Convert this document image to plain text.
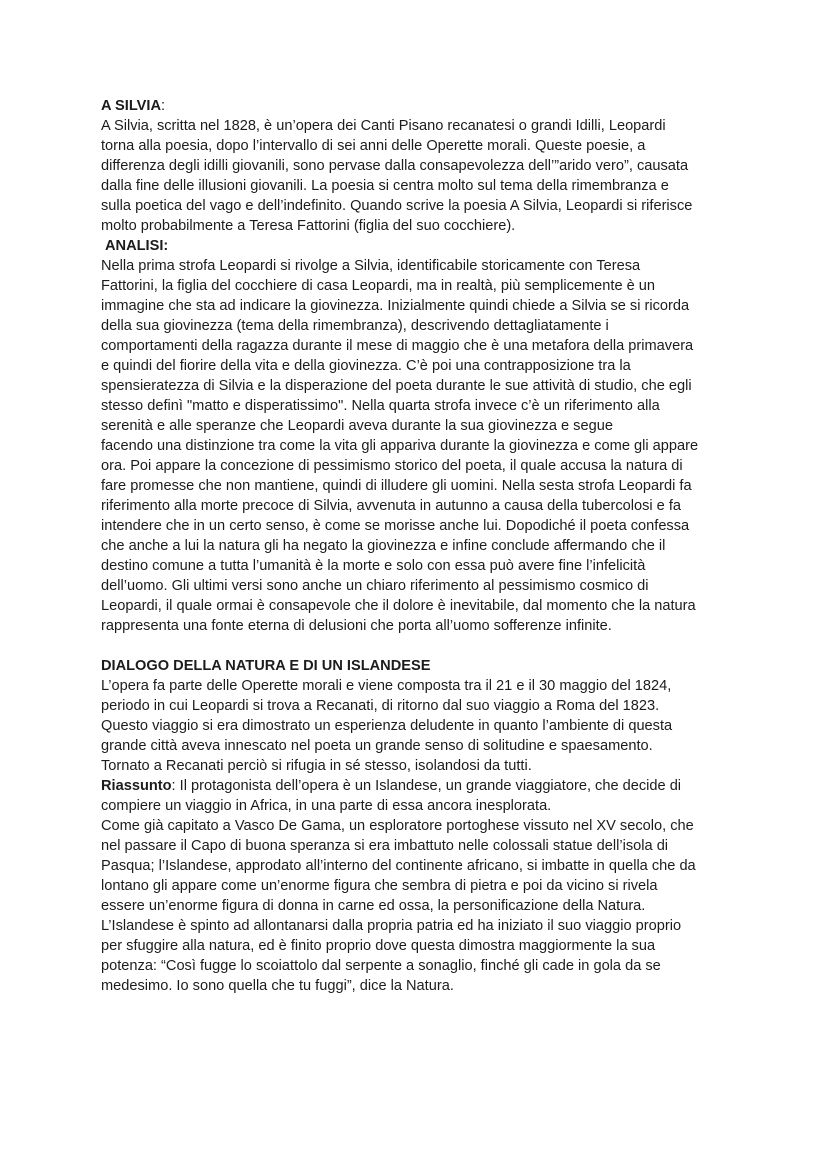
A SILVIA:
A Silvia, scritta nel 1828, è un’opera dei Canti Pisano recanatesi o grandi Idilli, Leopardi
torna alla poesia, dopo l’intervallo di sei anni delle Operette morali. Queste poesie, a
differenza degli idilli giovanili, sono pervase dalla consapevolezza dell’”arido vero”, causata
dalla fine delle illusioni giovanili. La poesia si centra molto sul tema della rimembranza e
sulla poetica del vago e dell’indefinito. Quando scrive la poesia A Silvia, Leopardi si riferisce
molto probabilmente a Teresa Fattorini (figlia del suo cocchiere).
ANALISI:
Nella prima strofa Leopardi si rivolge a Silvia, identificabile storicamente con Teresa
Fattorini, la figlia del cocchiere di casa Leopardi, ma in realtà, più semplicemente è un
immagine che sta ad indicare la giovinezza. Inizialmente quindi chiede a Silvia se si ricorda
della sua giovinezza (tema della rimembranza), descrivendo dettagliatamente i
comportamenti della ragazza durante il mese di maggio che è una metafora della primavera
e quindi del fiorire della vita e della giovinezza. C’è poi una contrapposizione tra la
spensieratezza di Silvia e la disperazione del poeta durante le sue attività di studio, che egli
stesso definì "matto e disperatissimo". Nella quarta strofa invece c’è un riferimento alla
serenità e alle speranze che Leopardi aveva durante la sua giovinezza e segue
facendo una distinzione tra come la vita gli appariva durante la giovinezza e come gli appare
ora. Poi appare la concezione di pessimismo storico del poeta, il quale accusa la natura di
fare promesse che non mantiene, quindi di illudere gli uomini. Nella sesta strofa Leopardi fa
riferimento alla morte precoce di Silvia, avvenuta in autunno a causa della tubercolosi e fa
intendere che in un certo senso, è come se morisse anche lui. Dopodiché il poeta confessa
che anche a lui la natura gli ha negato la giovinezza e infine conclude affermando che il
destino comune a tutta l’umanità è la morte e solo con essa può avere fine l’infelicità
dell’uomo. Gli ultimi versi sono anche un chiaro riferimento al pessimismo cosmico di
Leopardi, il quale ormai è consapevole che il dolore è inevitabile, dal momento che la natura
rappresenta una fonte eterna di delusioni che porta all’uomo sofferenze infinite.
DIALOGO DELLA NATURA E DI UN ISLANDESE
L’opera fa parte delle Operette morali e viene composta tra il 21 e il 30 maggio del 1824,
periodo in cui Leopardi si trova a Recanati, di ritorno dal suo viaggio a Roma del 1823.
Questo viaggio si era dimostrato un esperienza deludente in quanto l’ambiente di questa
grande città aveva innescato nel poeta un grande senso di solitudine e spaesamento.
Tornato a Recanati perciò si rifugia in sé stesso, isolandosi da tutti.
Riassunto: Il protagonista dell’opera è un Islandese, un grande viaggiatore, che decide di
compiere un viaggio in Africa, in una parte di essa ancora inesplorata.
Come già capitato a Vasco De Gama, un esploratore portoghese vissuto nel XV secolo, che
nel passare il Capo di buona speranza si era imbattuto nelle colossali statue dell’isola di
Pasqua; l’Islandese, approdato all’interno del continente africano, si imbatte in quella che da
lontano gli appare come un’enorme figura che sembra di pietra e poi da vicino si rivela
essere un’enorme figura di donna in carne ed ossa, la personificazione della Natura.
L’Islandese è spinto ad allontanarsi dalla propria patria ed ha iniziato il suo viaggio proprio
per sfuggire alla natura, ed è finito proprio dove questa dimostra maggiormente la sua
potenza: “Così fugge lo scoiattolo dal serpente a sonaglio, finché gli cade in gola da se
medesimo. Io sono quella che tu fuggi”, dice la Natura.
